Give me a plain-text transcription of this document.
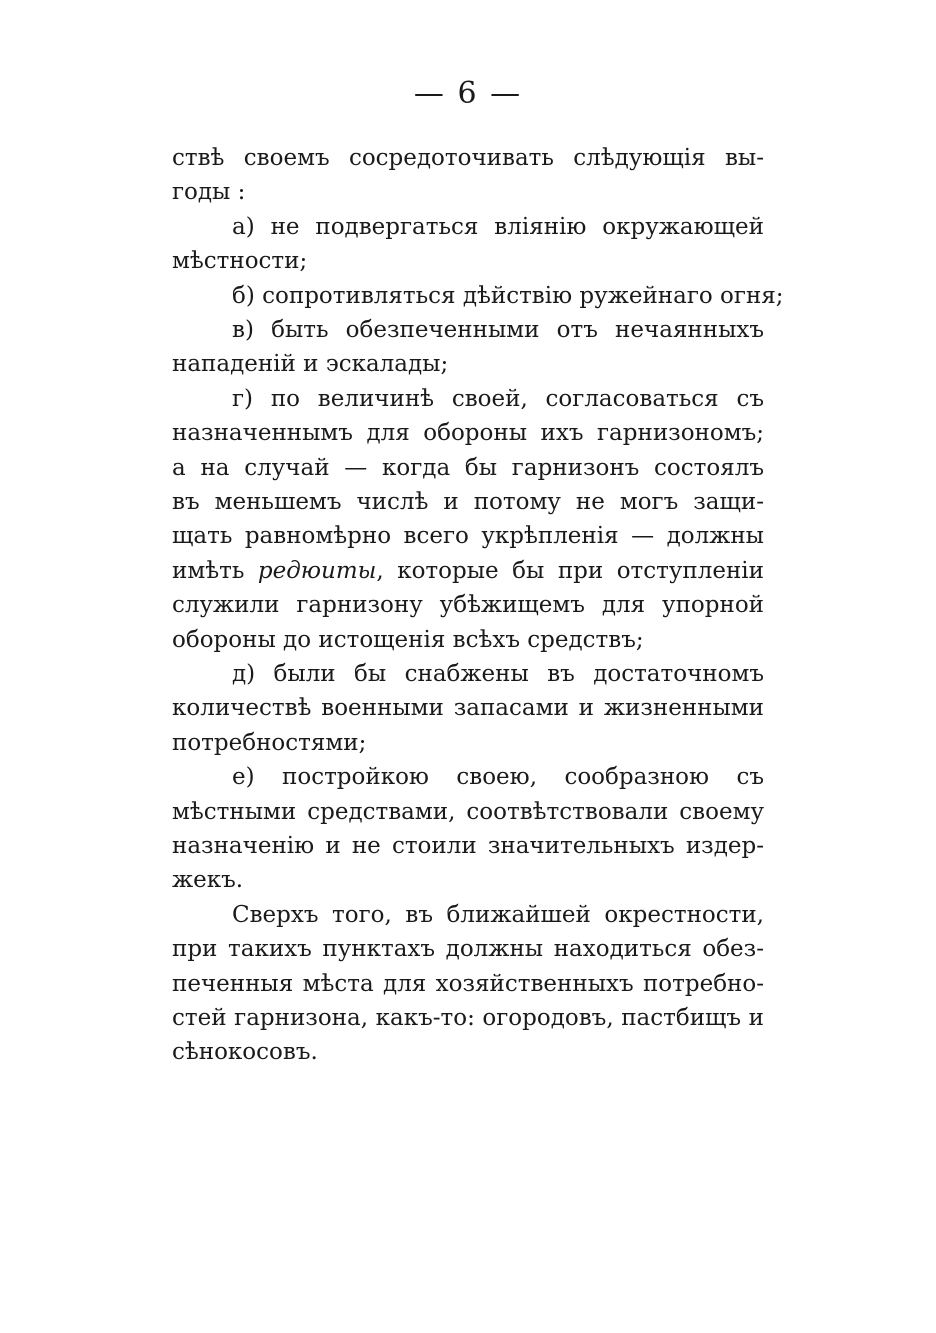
— 6 —
ствѣ своемъ сосредоточивать слѣдующія вы-
годы :
а) не подвергаться вліянію окружающей
мѣстности;
б) сопротивляться дѣйствію ружейнаго огня;
в) быть обезпеченными отъ нечаянныхъ
нападеній и эскалады;
г) по величинѣ своей, согласоваться съ
назначеннымъ для обороны ихъ гарнизономъ;
а на случай — когда бы гарнизонъ состоялъ
въ меньшемъ числѣ и потому не могъ защи-
щать равномѣрно всего укрѣпленія — должны
имѣть редюиты, которые бы при отступленіи
служили гарнизону убѣжищемъ для упорной
обороны до истощенія всѣхъ средствъ;
д) были бы снабжены въ достаточномъ
количествѣ военными запасами и жизненными
потребностями;
е) постройкою своею, сообразною съ
мѣстными средствами, соотвѣтствовали своему
назначенію и не стоили значительныхъ издер-
жекъ.
Сверхъ того, въ ближайшей окрестности,
при такихъ пунктахъ должны находиться обез-
печенныя мѣста для хозяйственныхъ потребно-
стей гарнизона, какъ-то: огородовъ, пастбищъ и
сѣнокосовъ.
